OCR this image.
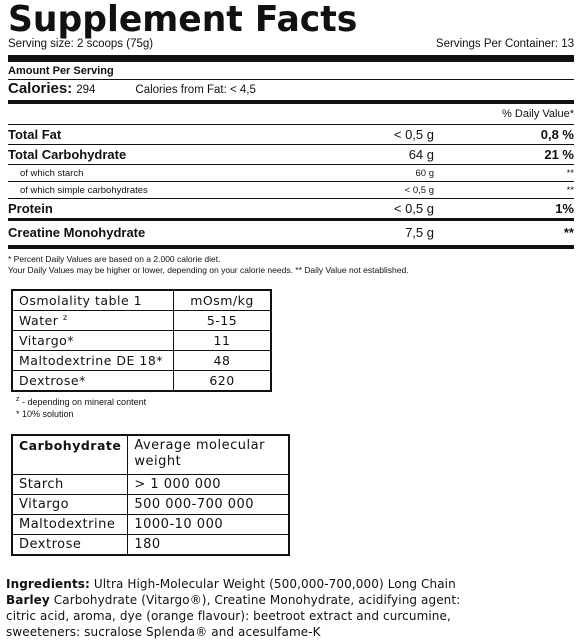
Supplement Facts
Serving size: 2 scoops (75g)	Servings Per Container: 13
Amount Per Serving
Calories: 294	Calories from Fat: < 4,5
% Daily Value*
Total Fat	< 0,5 g	0,8 %
Total Carbohydrate	64 g	21 %
of which starch	60 g	**
of which simple carbohydrates	< 0,5 g	**
Protein	< 0,5 g	1%
Creatine Monohydrate	7,5 g	**
* Percent Daily Values are based on a 2.000 calorie diet.
Your Daily Values may be higher or lower, depending on your calorie needs. ** Daily Value not established.
Osmolality table 1	mOsm/kg
Water $^z$	5-15
Vitargo*	11
Maltodextrine DE 18*	48
Dextrose*	620
$^z$ - depending on mineral content
* 10% solution
Carbohydrate	Average molecular weight
Starch	> 1 000 000
Vitargo	500 000-700 000
Maltodextrine	1000-10 000
Dextrose	180
Ingredients: Ultra High-Molecular Weight (500,000-700,000) Long Chain
Barley Carbohydrate (Vitargo®), Creatine Monohydrate, acidifying agent:
citric acid, aroma, dye (orange flavour): beetroot extract and curcumine,
sweeteners: sucralose Splenda® and acesulfame-K
